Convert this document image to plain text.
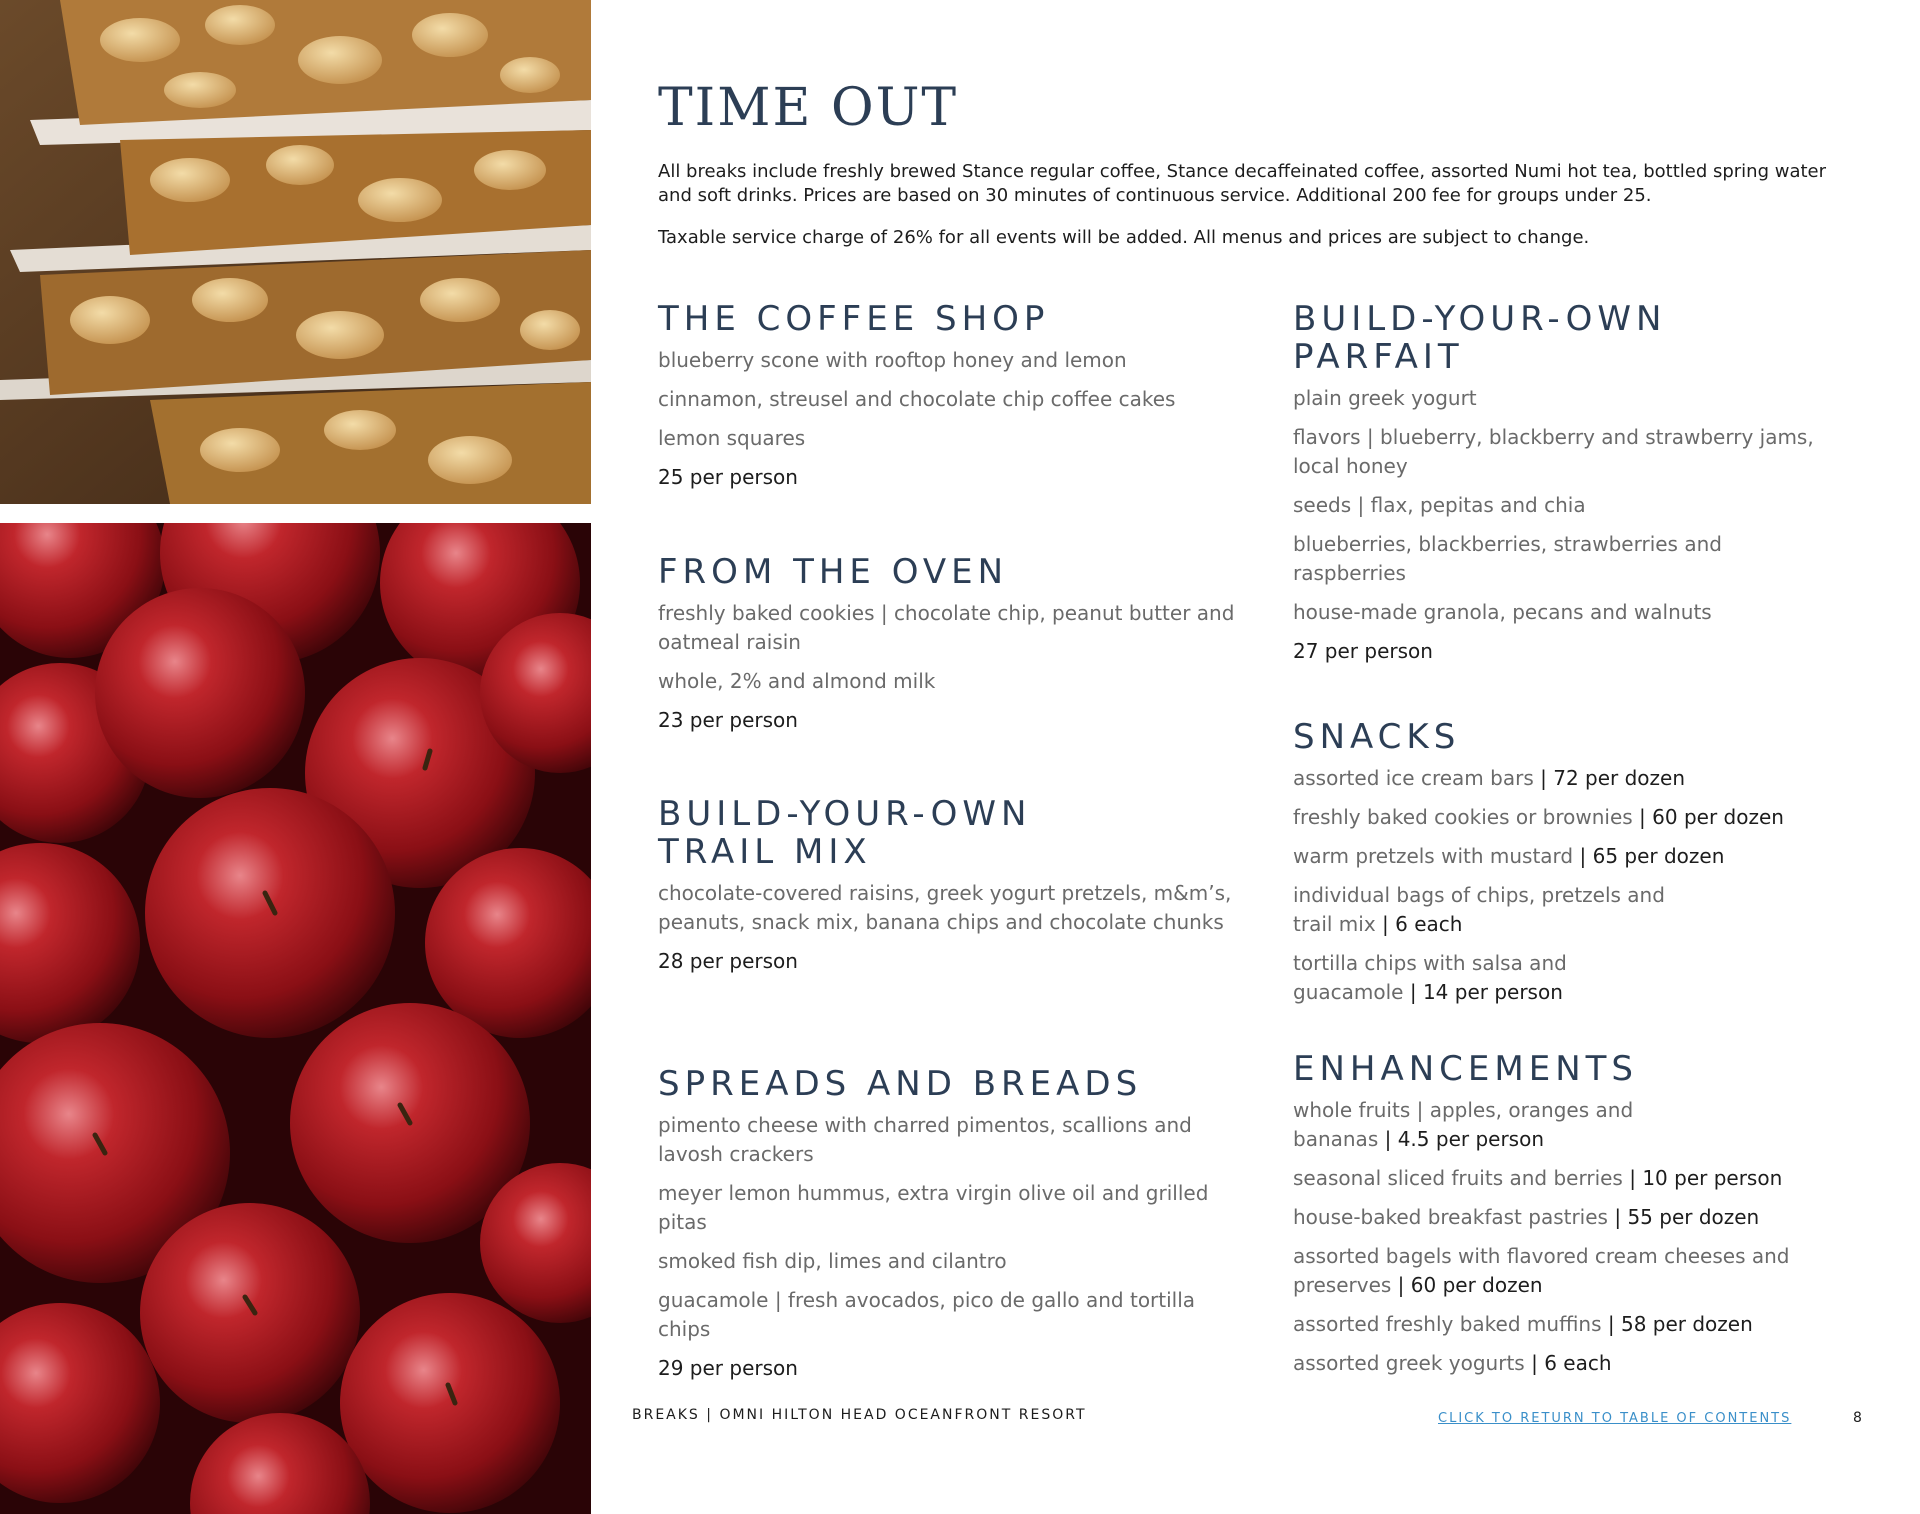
TIME OUT

All breaks include freshly brewed Stance regular coffee, Stance decaffeinated coffee, assorted Numi hot tea, bottled spring water and soft drinks. Prices are based on 30 minutes of continuous service. Additional 200 fee for groups under 25.

Taxable service charge of 26% for all events will be added. All menus and prices are subject to change.

THE COFFEE SHOP

blueberry scone with rooftop honey and lemon

cinnamon, streusel and chocolate chip coffee cakes

lemon squares

25 per person

FROM THE OVEN

freshly baked cookies | chocolate chip, peanut butter and oatmeal raisin

whole, 2% and almond milk

23 per person

BUILD-YOUR-OWN
TRAIL MIX

chocolate-covered raisins, greek yogurt pretzels, m&m’s, peanuts, snack mix, banana chips and chocolate chunks

28 per person

SPREADS AND BREADS

pimento cheese with charred pimentos, scallions and lavosh crackers

meyer lemon hummus, extra virgin olive oil and grilled pitas

smoked fish dip, limes and cilantro

guacamole | fresh avocados, pico de gallo and tortilla chips

29 per person

BUILD-YOUR-OWN
PARFAIT

plain greek yogurt

flavors | blueberry, blackberry and strawberry jams, local honey

seeds | flax, pepitas and chia

blueberries, blackberries, strawberries and raspberries

house-made granola, pecans and walnuts

27 per person

SNACKS

assorted ice cream bars | 72 per dozen

freshly baked cookies or brownies | 60 per dozen

warm pretzels with mustard | 65 per dozen

individual bags of chips, pretzels and trail mix | 6 each

tortilla chips with salsa and guacamole | 14 per person

ENHANCEMENTS

whole fruits | apples, oranges and bananas | 4.5 per person

seasonal sliced fruits and berries | 10 per person

house-baked breakfast pastries | 55 per dozen

assorted bagels with flavored cream cheeses and preserves | 60 per dozen

assorted freshly baked muffins | 58 per dozen

assorted greek yogurts | 6 each

BREAKS | OMNI HILTON HEAD OCEANFRONT RESORT	CLICK TO RETURN TO TABLE OF CONTENTS	8
